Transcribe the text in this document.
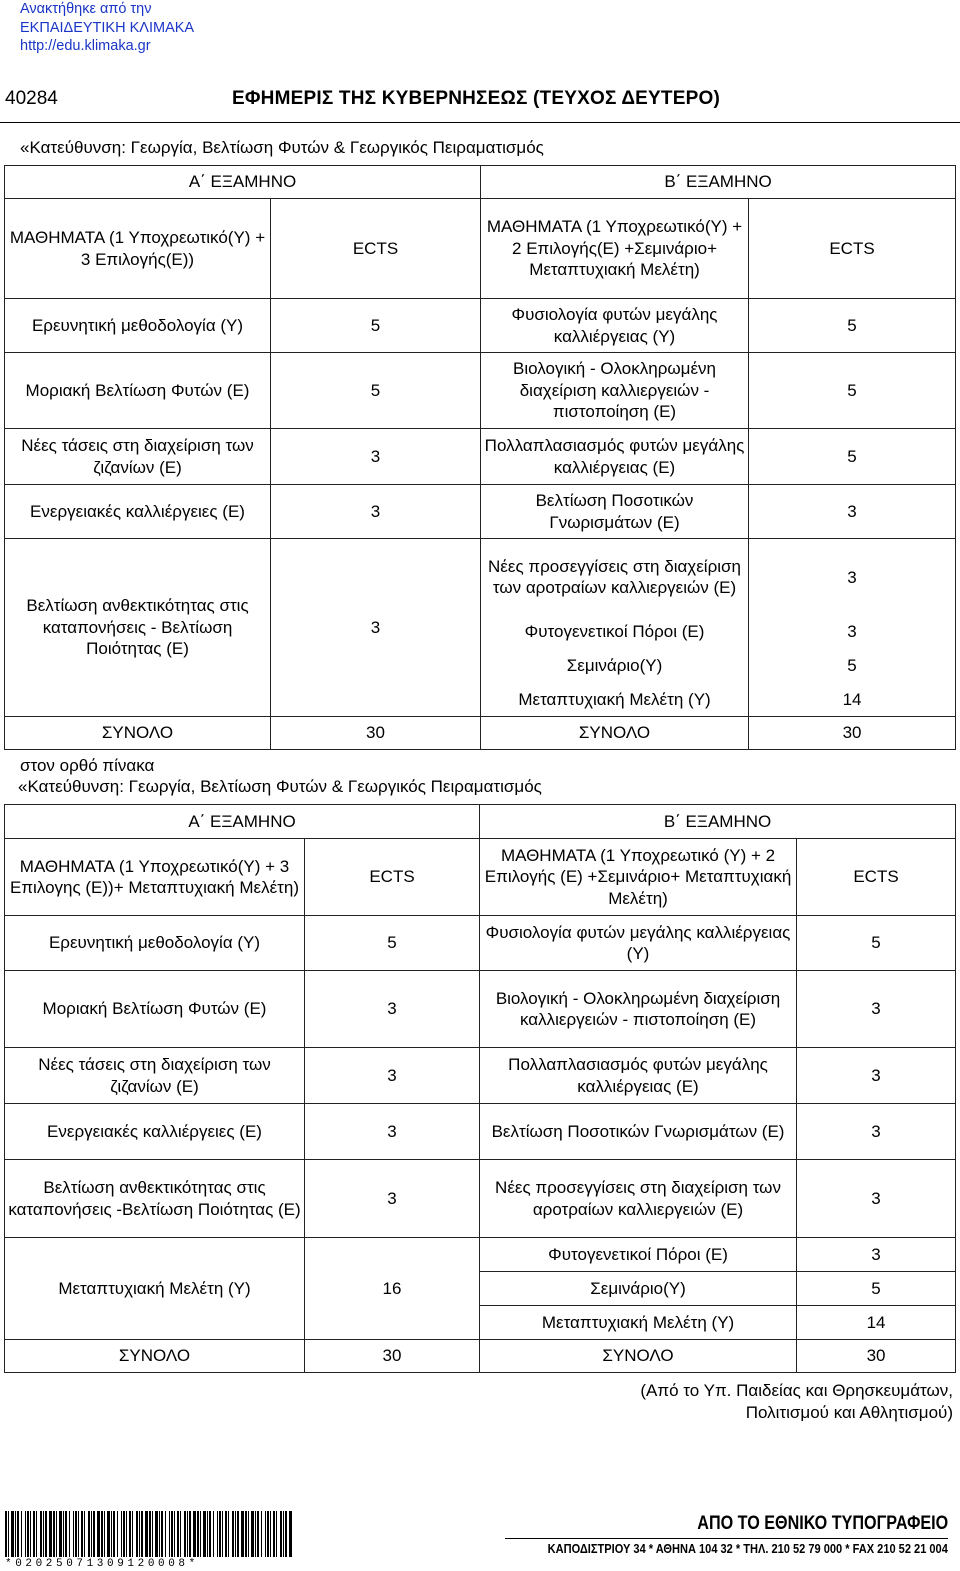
Ανακτήθηκε από την
ΕΚΠΑΙΔΕΥΤΙΚΗ ΚΛΙΜΑΚΑ
http://edu.klimaka.gr
40284	ΕΦΗΜΕΡΙΣ ΤΗΣ ΚΥΒΕΡΝΗΣΕΩΣ (ΤΕΥΧΟΣ ΔΕΥΤΕΡΟ)
«Κατεύθυνση: Γεωργία, Βελτίωση Φυτών & Γεωργικός Πειραματισμός
Α΄ ΕΞΑΜΗΝΟ		Β΄ ΕΞΑΜΗΝΟ	
ΜΑΘΗΜΑΤΑ (1 Υποχρεωτικό(Υ) + 3 Επιλογής(Ε))	ECTS	ΜΑΘΗΜΑΤΑ (1 Υποχρεωτικό(Υ) + 2 Επιλογής(Ε) +Σεμινάριο+ Μεταπτυχιακή Μελέτη)	ECTS
Ερευνητική μεθοδολογία (Υ)	5	Φυσιολογία φυτών μεγάλης καλλιέργειας (Υ)	5
Μοριακή Βελτίωση Φυτών (Ε)	5	Βιολογική - Ολοκληρωμένη διαχείριση καλλιεργειών - πιστοποίηση (Ε)	5
Νέες τάσεις στη διαχείριση των ζιζανίων (Ε)	3	Πολλαπλασιασμός φυτών μεγάλης καλλιέργειας (Ε)	5
Ενεργειακές καλλιέργειες (Ε)	3	Βελτίωση Ποσοτικών Γνωρισμάτων (Ε)	3
Βελτίωση ανθεκτικότητας στις καταπονήσεις - Βελτίωση Ποιότητας (Ε)	3	Νέες προσεγγίσεις στη διαχείριση των αροτραίων καλλιεργειών (Ε)	3
		Φυτογενετικοί Πόροι (Ε)	3
		Σεμινάριο(Υ)	5
		Μεταπτυχιακή Μελέτη (Υ)	14
ΣΥΝΟΛΟ	30	ΣΥΝΟΛΟ	30
στον ορθό πίνακα
«Κατεύθυνση: Γεωργία, Βελτίωση Φυτών & Γεωργικός Πειραματισμός
Α΄ ΕΞΑΜΗΝΟ		Β΄ ΕΞΑΜΗΝΟ	
ΜΑΘΗΜΑΤΑ (1 Υποχρεωτικό(Υ) + 3 Επιλογης (Ε))+ Μεταπτυχιακή Μελέτη)	ECTS	ΜΑΘΗΜΑΤΑ (1 Υποχρεωτικό (Υ) + 2 Επιλογής (Ε) +Σεμινάριο+ Μεταπτυχιακή Μελέτη)	ECTS
Ερευνητική μεθοδολογία (Υ)	5	Φυσιολογία φυτών μεγάλης καλλιέργειας (Υ)	5
Μοριακή Βελτίωση Φυτών (Ε)	3	Βιολογική - Ολοκληρωμένη διαχείριση καλλιεργειών - πιστοποίηση (Ε)	3
Νέες τάσεις στη διαχείριση των ζιζανίων (Ε)	3	Πολλαπλασιασμός φυτών μεγάλης καλλιέργειας (Ε)	3
Ενεργειακές καλλιέργειες (Ε)	3	Βελτίωση Ποσοτικών Γνωρισμάτων (Ε)	3
Βελτίωση ανθεκτικότητας στις καταπονήσεις -Βελτίωση Ποιότητας (Ε)	3	Νέες προσεγγίσεις στη διαχείριση των αροτραίων καλλιεργειών (Ε)	3
Μεταπτυχιακή Μελέτη (Υ)	16	Φυτογενετικοί Πόροι (Ε)	3
		Σεμινάριο(Υ)	5
		Μεταπτυχιακή Μελέτη (Υ)	14
ΣΥΝΟΛΟ	30	ΣΥΝΟΛΟ	30
(Από το Υπ. Παιδείας και Θρησκευμάτων,
Πολιτισμού και Αθλητισμού)
*02025071309120008*
ΑΠΟ ΤΟ ΕΘΝΙΚΟ ΤΥΠΟΓΡΑΦΕΙΟ
ΚΑΠΟΔΙΣΤΡΙΟΥ 34 * ΑΘΗΝΑ 104 32 * ΤΗΛ. 210 52 79 000 * FAX 210 52 21 004
